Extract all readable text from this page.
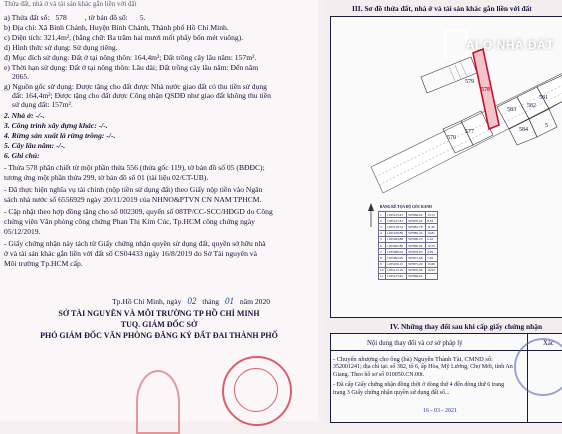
Thửa đất, nhà ở và tài sản khác gắn liền với đất
a) Thửa đất số: 578 , tờ bản đồ số: 5.
b) Địa chỉ: Xã Bình Chánh, Huyện Bình Chánh, Thành phố Hồ Chí Minh.
c) Diện tích: 321,4m², (bằng chữ: Ba trăm hai mươi mốt phẩy bốn mét vuông).
d) Hình thức sử dụng: Sử dụng riêng.
đ) Mục đích sử dụng: Đất ở tại nông thôn: 164,4m²; Đất trồng cây lâu năm: 157m².
e) Thời hạn sử dụng: Đất ở tại nông thôn: Lâu dài; Đất trồng cây lâu năm: Đến năm
2065.
g) Nguồn gốc sử dụng: Được tặng cho đất được Nhà nước giao đất có thu tiền sử dụng
đất: 164,4m²; Được tặng cho đất được Công nhận QSDĐ như giao đất không thu tiền
sử dụng đất: 157m².
2. Nhà ở: -/-.
3. Công trình xây dựng khác: -/-.
4. Rừng sản xuất là rừng trồng: -/-.
5. Cây lâu năm: -/-.
6. Ghi chú:
- Thửa 578 phân chiết từ một phần thửa 556 (thửa gốc 119), tờ bản đồ số 05 (BĐĐC);
tương ứng một phần thửa 299, tờ bản đồ số 01 (tài liệu 02/CT-UB).
- Đã thực hiện nghĩa vụ tài chính (nộp tiền sử dụng đất) theo Giấy nộp tiền vào Ngân
sách nhà nước số 6556929 ngày 20/11/2019 của NHNO&PTVN CN NAM TPHCM.
- Cập nhật theo hợp đồng tặng cho số 002309, quyển số 08TP/CC-SCC/HĐGD do Công
chứng viên Văn phòng công chứng Phan Thị Kim Cúc, Tp.HCM công chứng ngày
05/12/2019.
- Giấy chứng nhận này tách từ Giấy chứng nhận quyền sử dụng đất, quyền sở hữu nhà
ở và tài sản khác gắn liền với đất số CS04433 ngày 16/8/2019 do Sở Tài nguyên và
Môi trường Tp.HCM cấp.
Tp.Hồ Chí Minh, ngày 02 tháng 01 năm 2020
SỞ TÀI NGUYÊN VÀ MÔI TRƯỜNG TP HỒ CHÍ MINH
TUQ. GIÁM ĐỐC SỞ
PHÓ GIÁM ĐỐC VĂN PHÒNG ĐĂNG KÝ ĐẤT ĐAI THÀNH PHỐ
III. Sơ đồ thửa đất, nhà ở và tài sản khác gắn liền với đất
579
578
570
577
583
581
582
584
5
BẢNG KÊ TỌA ĐỘ GÓC RANH
1	1185123.45	597866.02	13.72
2	1185127.81	597879.02	8.53
3	1185119.74	597881.78	11.45
4	1185108.89	597885.43	14.81
5	1185094.88	597890.25	2.10
6	1185092.89	597890.92	12.55
7	1185089.02	597879.03	4.29
8	1185093.09	597877.68	7.45
9	1185100.15	597875.29	13.66
10	1185113.10	597870.94	10.93
11	1185123.45	597866.02	
ALO NHÀ ĐẤT
IV. Những thay đổi sau khi cấp giấy chứng nhận
Nội dung thay đổi và cơ sở pháp lý	Xác
- Chuyển nhượng cho ông (bà) Nguyễn Thành Tài, CMND số:
352001241; địa chỉ tại: số 382, tổ 6, ấp Hòa, Mỹ Lương, Chợ Mới, tỉnh An
Giang. Theo hồ sơ số 010050.CN.00t.
- Đã cấp Giấy chứng nhận đồng thời ở dòng thứ 4 đến dòng thứ 6 trang
trang 3 Giấy chứng nhận quyền sử dụng đất số...
16 - 03 - 2021
